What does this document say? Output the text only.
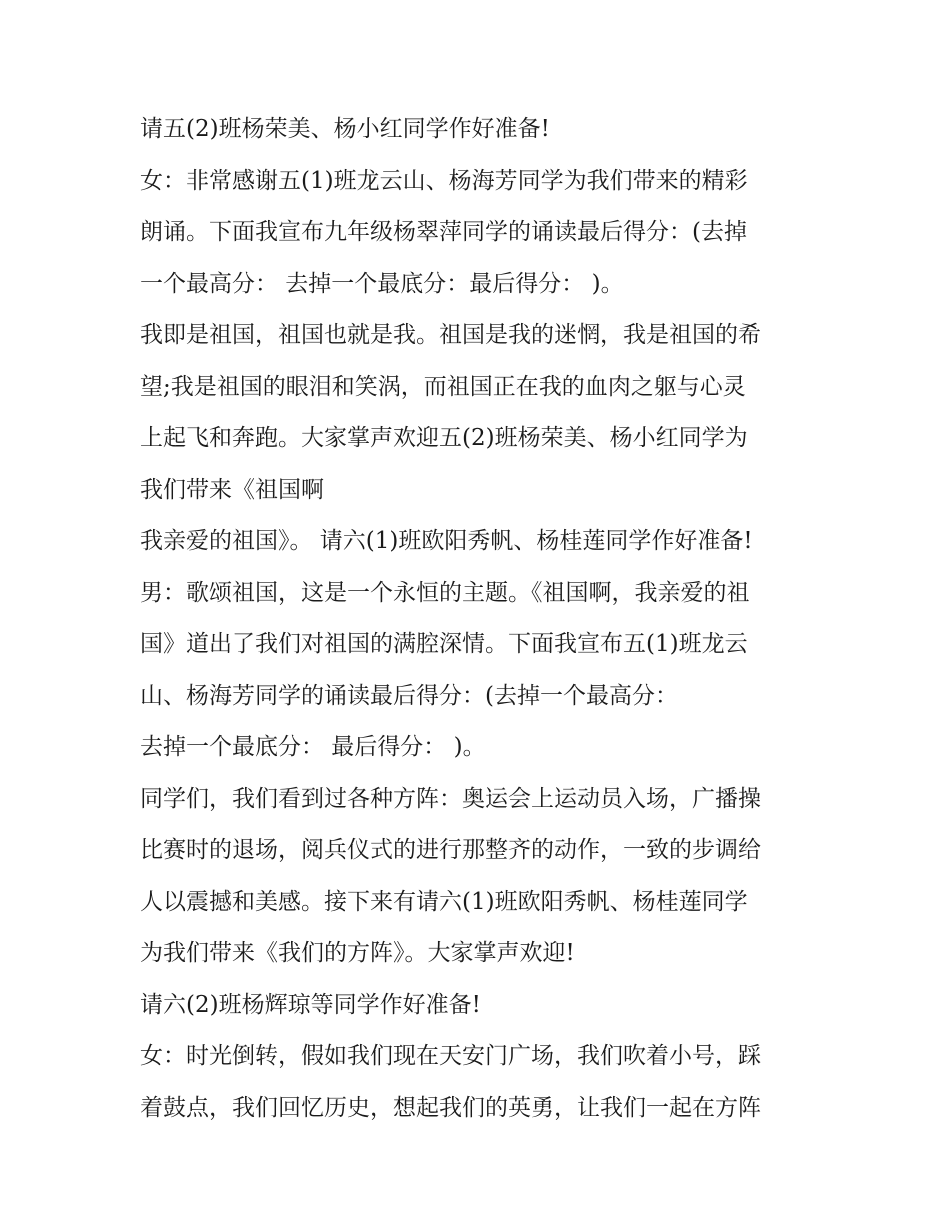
请五(2)班杨荣美、杨小红同学作好准备!
女：非常感谢五(1)班龙云山、杨海芳同学为我们带来的精彩
朗诵。下面我宣布九年级杨翠萍同学的诵读最后得分：(去掉
一个最高分： 去掉一个最底分：最后得分： )。
我即是祖国，祖国也就是我。祖国是我的迷惘，我是祖国的希
望;我是祖国的眼泪和笑涡，而祖国正在我的血肉之躯与心灵
上起飞和奔跑。大家掌声欢迎五(2)班杨荣美、杨小红同学为
我们带来《祖国啊
我亲爱的祖国》。 请六(1)班欧阳秀帆、杨桂莲同学作好准备!
男：歌颂祖国，这是一个永恒的主题。《祖国啊，我亲爱的祖
国》道出了我们对祖国的满腔深情。下面我宣布五(1)班龙云
山、杨海芳同学的诵读最后得分：(去掉一个最高分：
去掉一个最底分： 最后得分： )。
同学们，我们看到过各种方阵：奥运会上运动员入场，广播操
比赛时的退场，阅兵仪式的进行那整齐的动作，一致的步调给
人以震撼和美感。接下来有请六(1)班欧阳秀帆、杨桂莲同学
为我们带来《我们的方阵》。大家掌声欢迎!
请六(2)班杨辉琼等同学作好准备!
女：时光倒转，假如我们现在天安门广场，我们吹着小号，踩
着鼓点，我们回忆历史，想起我们的英勇，让我们一起在方阵
